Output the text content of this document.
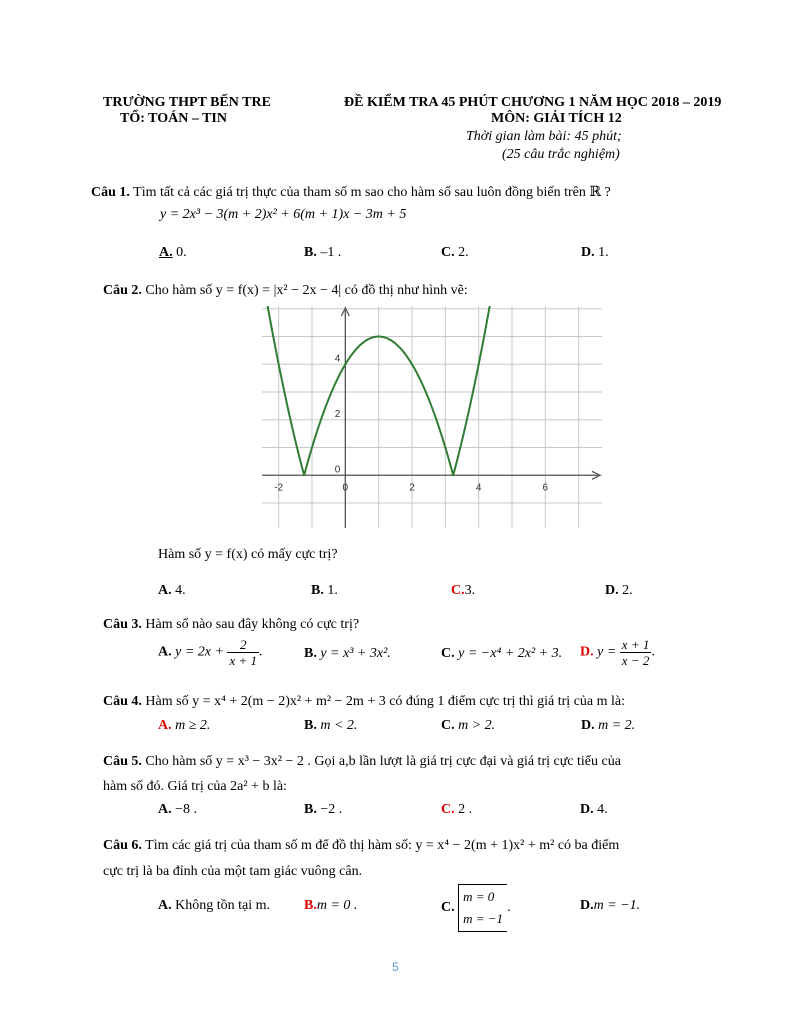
TRƯỜNG THPT BẾN TRE
TỔ: TOÁN – TIN
ĐỀ KIỂM TRA 45 PHÚT CHƯƠNG 1 NĂM HỌC 2018 – 2019
MÔN: GIẢI TÍCH 12
Thời gian làm bài: 45 phút;
(25 câu trắc nghiệm)
Câu 1. Tìm tất cả các giá trị thực của tham số m sao cho hàm số sau luôn đồng biến trên ℝ ?
y = 2x³ − 3(m + 2)x² + 6(m + 1)x − 3m + 5
A. 0.	B. –1 .	C. 2.	D. 1.
Câu 2. Cho hàm số y = f(x) = |x² − 2x − 4| có đồ thị như hình vẽ:
-2	0	2	4	6
0
2
4
Hàm số y = f(x) có mấy cực trị?
A. 4.	B. 1.	C.3.	D. 2.
Câu 3. Hàm số nào sau đây không có cực trị?
A. $y = 2x + \frac{2}{x + 1}$ .	B. y = x³ + 3x².	C. y = −x⁴ + 2x² + 3. D. $y = \frac{x + 1}{x - 2}$ .
Câu 4. Hàm số y = x⁴ + 2(m − 2)x² + m² − 2m + 3 có đúng 1 điểm cực trị thì giá trị của m là:
A. m ≥ 2.	B. m < 2.	C. m > 2.	D. m = 2.
Câu 5. Cho hàm số y = x³ − 3x² − 2 . Gọi a,b lần lượt là giá trị cực đại và giá trị cực tiểu của
hàm số đó. Giá trị của 2a² + b là:
A. −8 .	B. −2 .	C. 2 .	D. 4.
Câu 6. Tìm các giá trị của tham số m để đồ thị hàm số: y = x⁴ − 2(m + 1)x² + m² có ba điểm
cực trị là ba đỉnh của một tam giác vuông cân.
A. Không tồn tại m. B.m = 0 .	C.
m = 0
m = −1
.	D.m = −1.
5
